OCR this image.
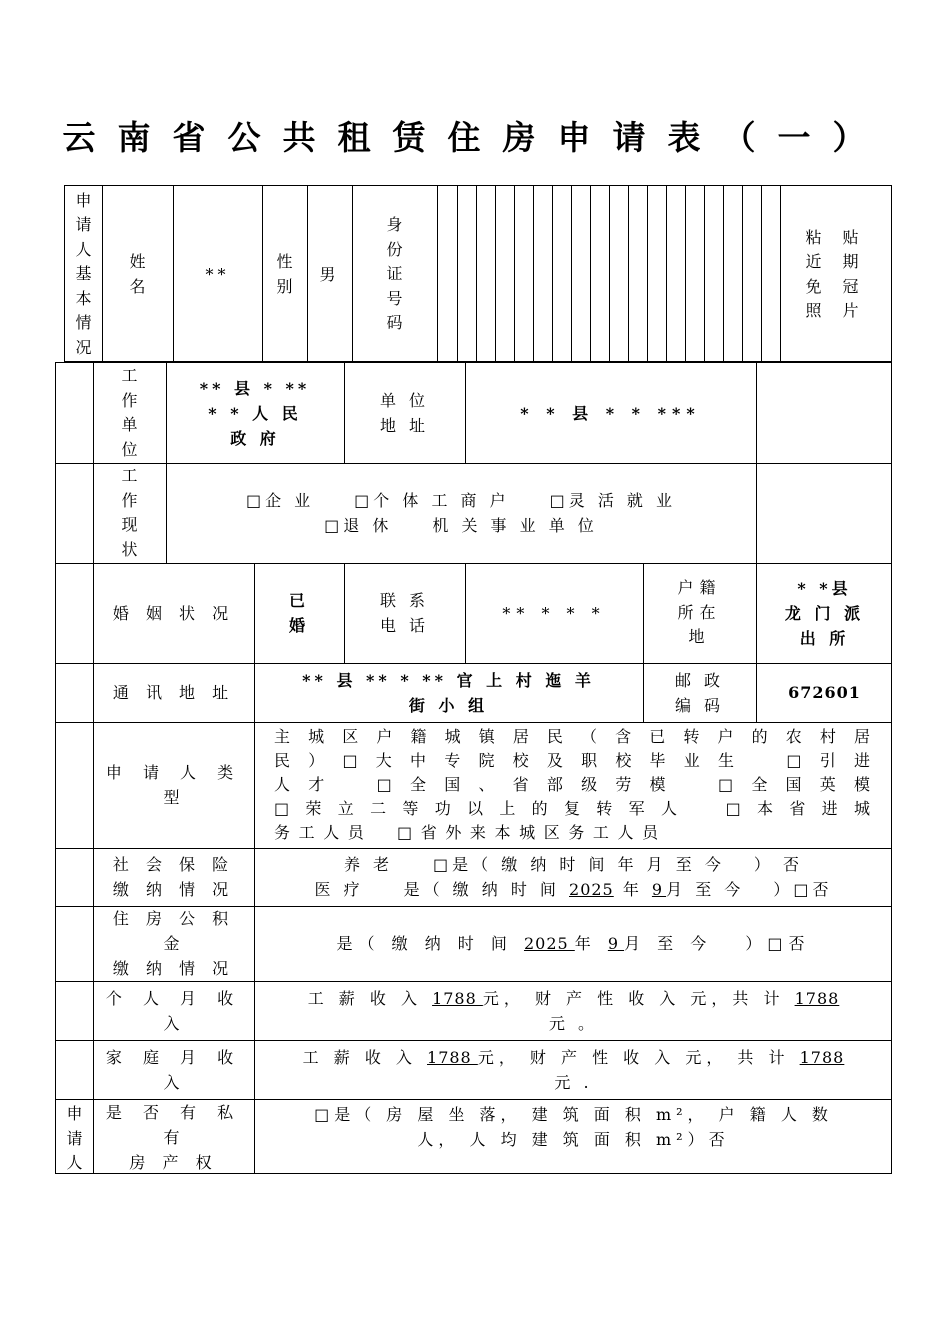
云南省公共租赁住房申请表（一）
申请人基本情况
姓名
**
性别
男
身份证号码
粘 贴
近 期
免 冠
照 片
工作单位
** 县 * **
* * 人 民
政 府
单 位
地 址
* * 县 * * ***
工作现状
□企 业　　□个 体 工 商 户　　□灵 活 就 业
□退 休　　机 关 事 业 单 位
婚 姻 状 况
已
婚
联 系
电 话
** * * *
户籍所在地
* *县
龙 门 派
出 所
通 讯 地 址
** 县 ** * ** 官 上 村 迤 羊
街 小 组
邮 政
编 码
672601
申 请 人 类
型
主城区户籍城镇居民（含已转户的农村居
民）□大中专院校及职校毕业生　□引进
人才　□全国、省部级劳模　□全国英模
□荣立二等功以上的复转军人　□本省进城
务工人员　□省外来本城区务工人员
社 会 保 险
缴 纳 情 况
养 老　　□是（ 缴 纳 时 间 年 月 至 今　 ） 否
医 疗　　是（ 缴 纳 时 间 2025 年 9月 至 今　 ）□否
住 房 公 积
金
缴 纳 情 况
是（ 缴 纳 时 间 2025 年 9月 至 今　 ）□否
个 人 月 收
入
工 薪 收 入 1788 元， 财 产 性 收 入 元，共 计 1788
元 。
家 庭 月 收
入
工 薪 收 入 1788 元， 财 产 性 收 入 元， 共 计 1788
元 .
申请人
是 否 有 私
有
房 产 权
□是（ 房 屋 坐 落， 建 筑 面 积 m²， 户 籍 人 数
人， 人 均 建 筑 面 积 m²）否
